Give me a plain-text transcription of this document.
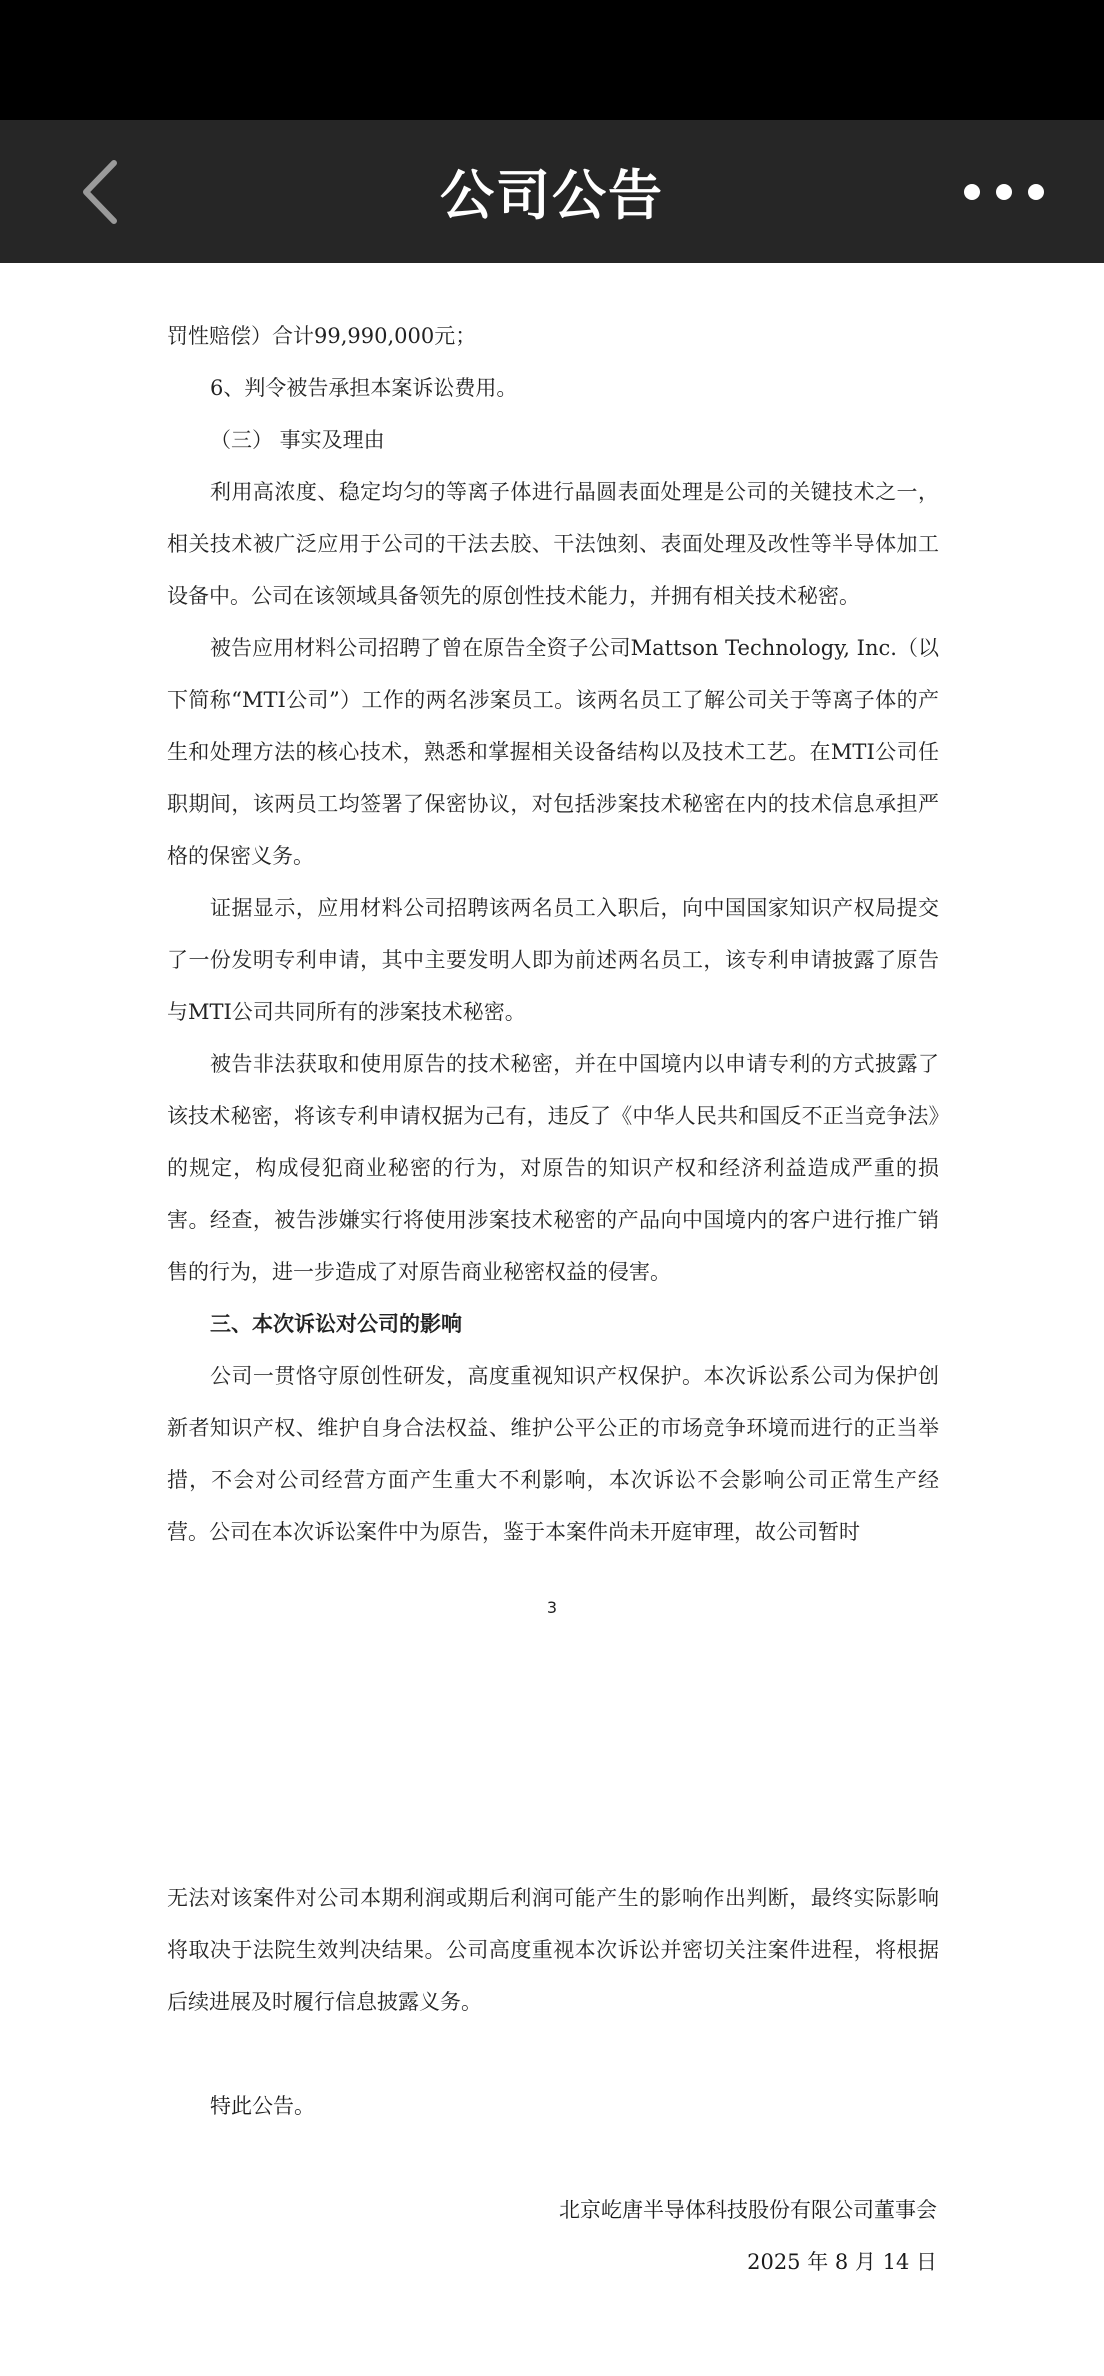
公司公告

罚性赔偿）合计99,990,000元；

6、判令被告承担本案诉讼费用。

（三） 事实及理由

利用高浓度、稳定均匀的等离子体进行晶圆表面处理是公司的关键技术之一，相关技术被广泛应用于公司的干法去胶、干法蚀刻、表面处理及改性等半导体加工设备中。公司在该领域具备领先的原创性技术能力，并拥有相关技术秘密。

被告应用材料公司招聘了曾在原告全资子公司Mattson Technology, Inc.（以下简称“MTI公司”）工作的两名涉案员工。该两名员工了解公司关于等离子体的产生和处理方法的核心技术，熟悉和掌握相关设备结构以及技术工艺。在MTI公司任职期间，该两员工均签署了保密协议，对包括涉案技术秘密在内的技术信息承担严格的保密义务。

证据显示，应用材料公司招聘该两名员工入职后，向中国国家知识产权局提交了一份发明专利申请，其中主要发明人即为前述两名员工，该专利申请披露了原告与MTI公司共同所有的涉案技术秘密。

被告非法获取和使用原告的技术秘密，并在中国境内以申请专利的方式披露了该技术秘密，将该专利申请权据为己有，违反了《中华人民共和国反不正当竞争法》的规定，构成侵犯商业秘密的行为，对原告的知识产权和经济利益造成严重的损害。经查，被告涉嫌实行将使用涉案技术秘密的产品向中国境内的客户进行推广销售的行为，进一步造成了对原告商业秘密权益的侵害。

三、本次诉讼对公司的影响

公司一贯恪守原创性研发，高度重视知识产权保护。本次诉讼系公司为保护创新者知识产权、维护自身合法权益、维护公平公正的市场竞争环境而进行的正当举措，不会对公司经营方面产生重大不利影响，本次诉讼不会影响公司正常生产经营。公司在本次诉讼案件中为原告，鉴于本案件尚未开庭审理，故公司暂时

3

无法对该案件对公司本期利润或期后利润可能产生的影响作出判断，最终实际影响将取决于法院生效判决结果。公司高度重视本次诉讼并密切关注案件进程，将根据后续进展及时履行信息披露义务。

特此公告。
北京屹唐半导体科技股份有限公司董事会
2025 年 8 月 14 日
